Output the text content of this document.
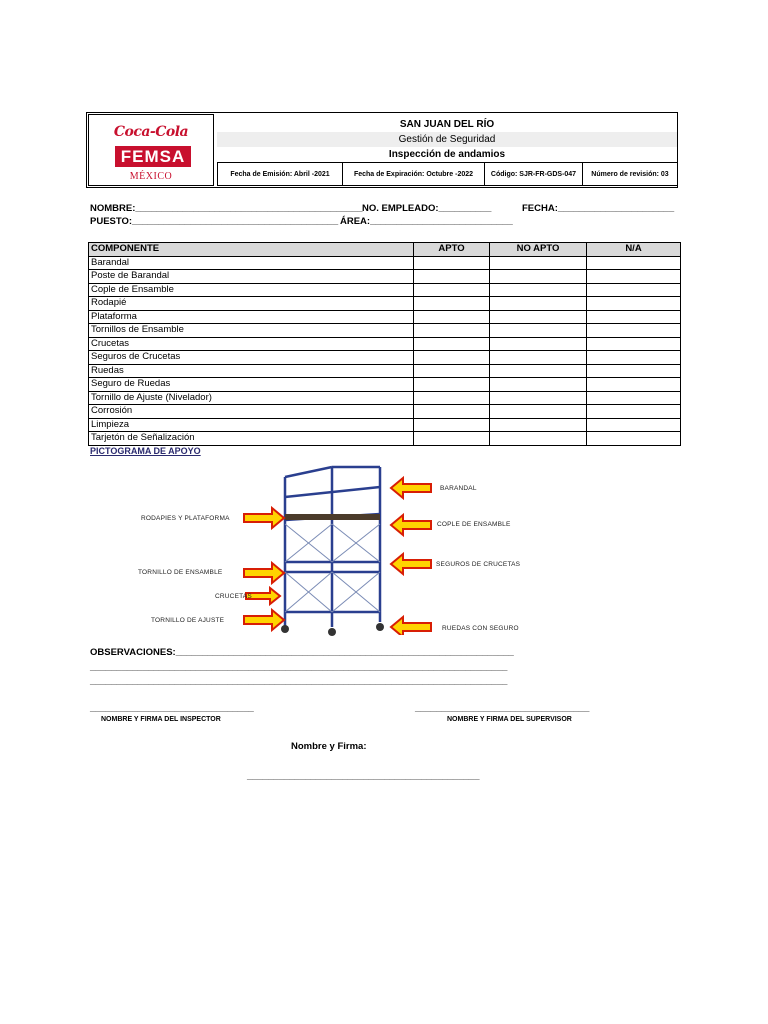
Coca-Cola
FEMSA
MÉXICO
SAN JUAN DEL RÍO
Gestión de Seguridad
Inspección de andamios
Fecha de Emisión: Abril -2021	Fecha de Expiración: Octubre -2022	Código: SJR-FR-GDS-047	Número de revisión: 03
NOMBRE:___________________________________________ NO. EMPLEADO:__________	FECHA:______________________
PUESTO:_______________________________________ ÁREA:___________________________
COMPONENTE	APTO	NO APTO	N/A
Barandal			
Poste de Barandal			
Cople de Ensamble			
Rodapié			
Plataforma			
Tornillos de Ensamble			
Crucetas			
Seguros de Crucetas			
Ruedas			
Seguro de Ruedas			
Tornillo de Ajuste (Nivelador)			
Corrosión			
Limpieza			
Tarjetón de Señalización			
PICTOGRAMA DE APOYO
RODAPIES Y PLATAFORMA
TORNILLO DE ENSAMBLE
CRUCETAS
TORNILLO DE AJUSTE
BARANDAL
COPLE DE ENSAMBLE
SEGUROS DE CRUCETAS
RUEDAS CON SEGURO
OBSERVACIONES:________________________________________________________________
_______________________________________________________________________________
_______________________________________________________________________________
_______________________________
NOMBRE Y FIRMA DEL INSPECTOR
_________________________________
NOMBRE Y FIRMA DEL SUPERVISOR
Nombre y Firma:
____________________________________________
